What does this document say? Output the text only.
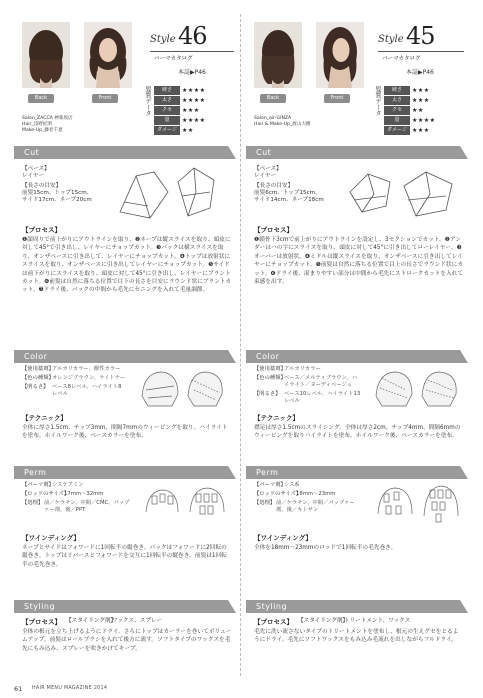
Back	Front
Salon_ZACCA 神楽坂店
Hair_浅野紀明
Make-Up_藤巻千恵
Style 46
パーマカタログ
本誌▶P46
髪質データ	硬さ	★★★★
太さ	★★★★
クセ	★★★
量	★★★★
ダメージ ★★
Cut
【ベース】
レイヤー
【長さの目安】
前髪15cm、トップ15cm、
サイド17cm、ネープ20cm
【プロセス】
❶顔周りで前上がりにアウトラインを取り、❷ネープは縦スライスを取り、頭皮に対して45°で引き出し、レイヤーにチョップカット。❸バックは横スライスを取り、オンザベースに引き出して、レイヤーにチョップカット。❹トップは放射状にスライスを取り、オンザベースに引き出してレイヤーにチョップカット。❺サイドは前下がりにスライスを取り、頭皮に対して45°に引き出し、レイヤーにブラントカット。❻前髪は自然に落ちる位置で目下の長さを目安にラウンド状にブラントカット。❼ドライ後、バックの中間から毛先にセニングを入れて毛量調節。
Color
【使用薬剤】
アルカリカラー、酸性カラー
【色の種類】
オレンジブラウン、ライトナー
【明るさ】 ベース8レベル、ハイライト8レベル
【テクニック】
全体に厚さ1.5cm、チップ3mm、間隔7mmのウィービングを取り、ハイライトを塗布。ホイルワーク後、ベースカラーを塗布。
Perm
【パーマ剤】
システアミン
【ロッドのサイズ】
17mm〜32mm
【処理】 前／ケラチン、中間／CMC、パップァー剤、後／PPT
【ワインディング】
ネープとサイドはフォワードに1回転半の縦巻き。バックはフォワードに2回転の縦巻き。トップはリバースとフォワードを交互に1回転半の縦巻き。前髪は1回転半の毛先巻き。
Styling
【プロセス】 【スタイリング剤】
ワックス、スプレー
全体の根元を立ち上げるようにドライ。さらにトップはカーラーを巻いてボリュームアップ。前髪はロールブラシを入れて後方に流す。ソフトタイプのワックスを毛先にもみ込み、スプレーを吹きかけてキープ。
Back	Front
Salon_air-GINZA
Hair & Make-Up_渡山大樹
Style 45
パーマカタログ
本誌▶P46
髪質データ	硬さ	★★★
太さ	★★★
クセ	★★
量	★★★★
ダメージ ★★★
Cut
【ベース】
レイヤー
【長さの目安】
前髪6cm、トップ15cm、
サイド14cm、ネープ18cm
【プロセス】
❶鎖骨下3cmで前上がりにアウトラインを設定し、3セクションでカット。❷アンダーはハの字にスライスを取り、頭皮に対して45°に引き出してローレイヤー。❸オーバーは放射状。❹ミドルは縦スライスを取り、オンザベースに引き出してレイヤーにチョップカット。❺前髪は自然に落ちる位置で目上の長さでラウンド状にカット。❻ドライ後、湿まりやすい部分は中間から毛先にストロークカットを入れて束感を出す。
Color
【使用薬剤】
アルカリカラー
【色の種類】
ベース／メルティブラウン、ハイライト／ヌーディベージュ
【明るさ】 ベース10レベル、ハイライト13レベル
【テクニック】
襟足は厚さ1.5cmのスライシング。全体は厚さ2cm、チップ4mm、間隔6mmのウィービングを取りハイライトを塗布。ホイルワーク後、ベースカラーを塗布。
Perm
【パーマ剤】
シス系
【ロッドのサイズ】
18mm〜23mm
【処理】 前／ケラチン、中間／パップァー剤、後／キトサン
【ワインディング】
全体を18mm〜23mmのロッドで1回転半の毛先巻き。
Styling
【プロセス】 【スタイリング剤】
トリートメント、ワックス
毛先に洗い流さないタイプのトリートメントを塗布し、根元の生えグセをとるようにドライ。毛先にソフトワックスをもみ込み毛流れを出しながらフルドライ。
61 HAIR MENU MAGAZINE 2014
